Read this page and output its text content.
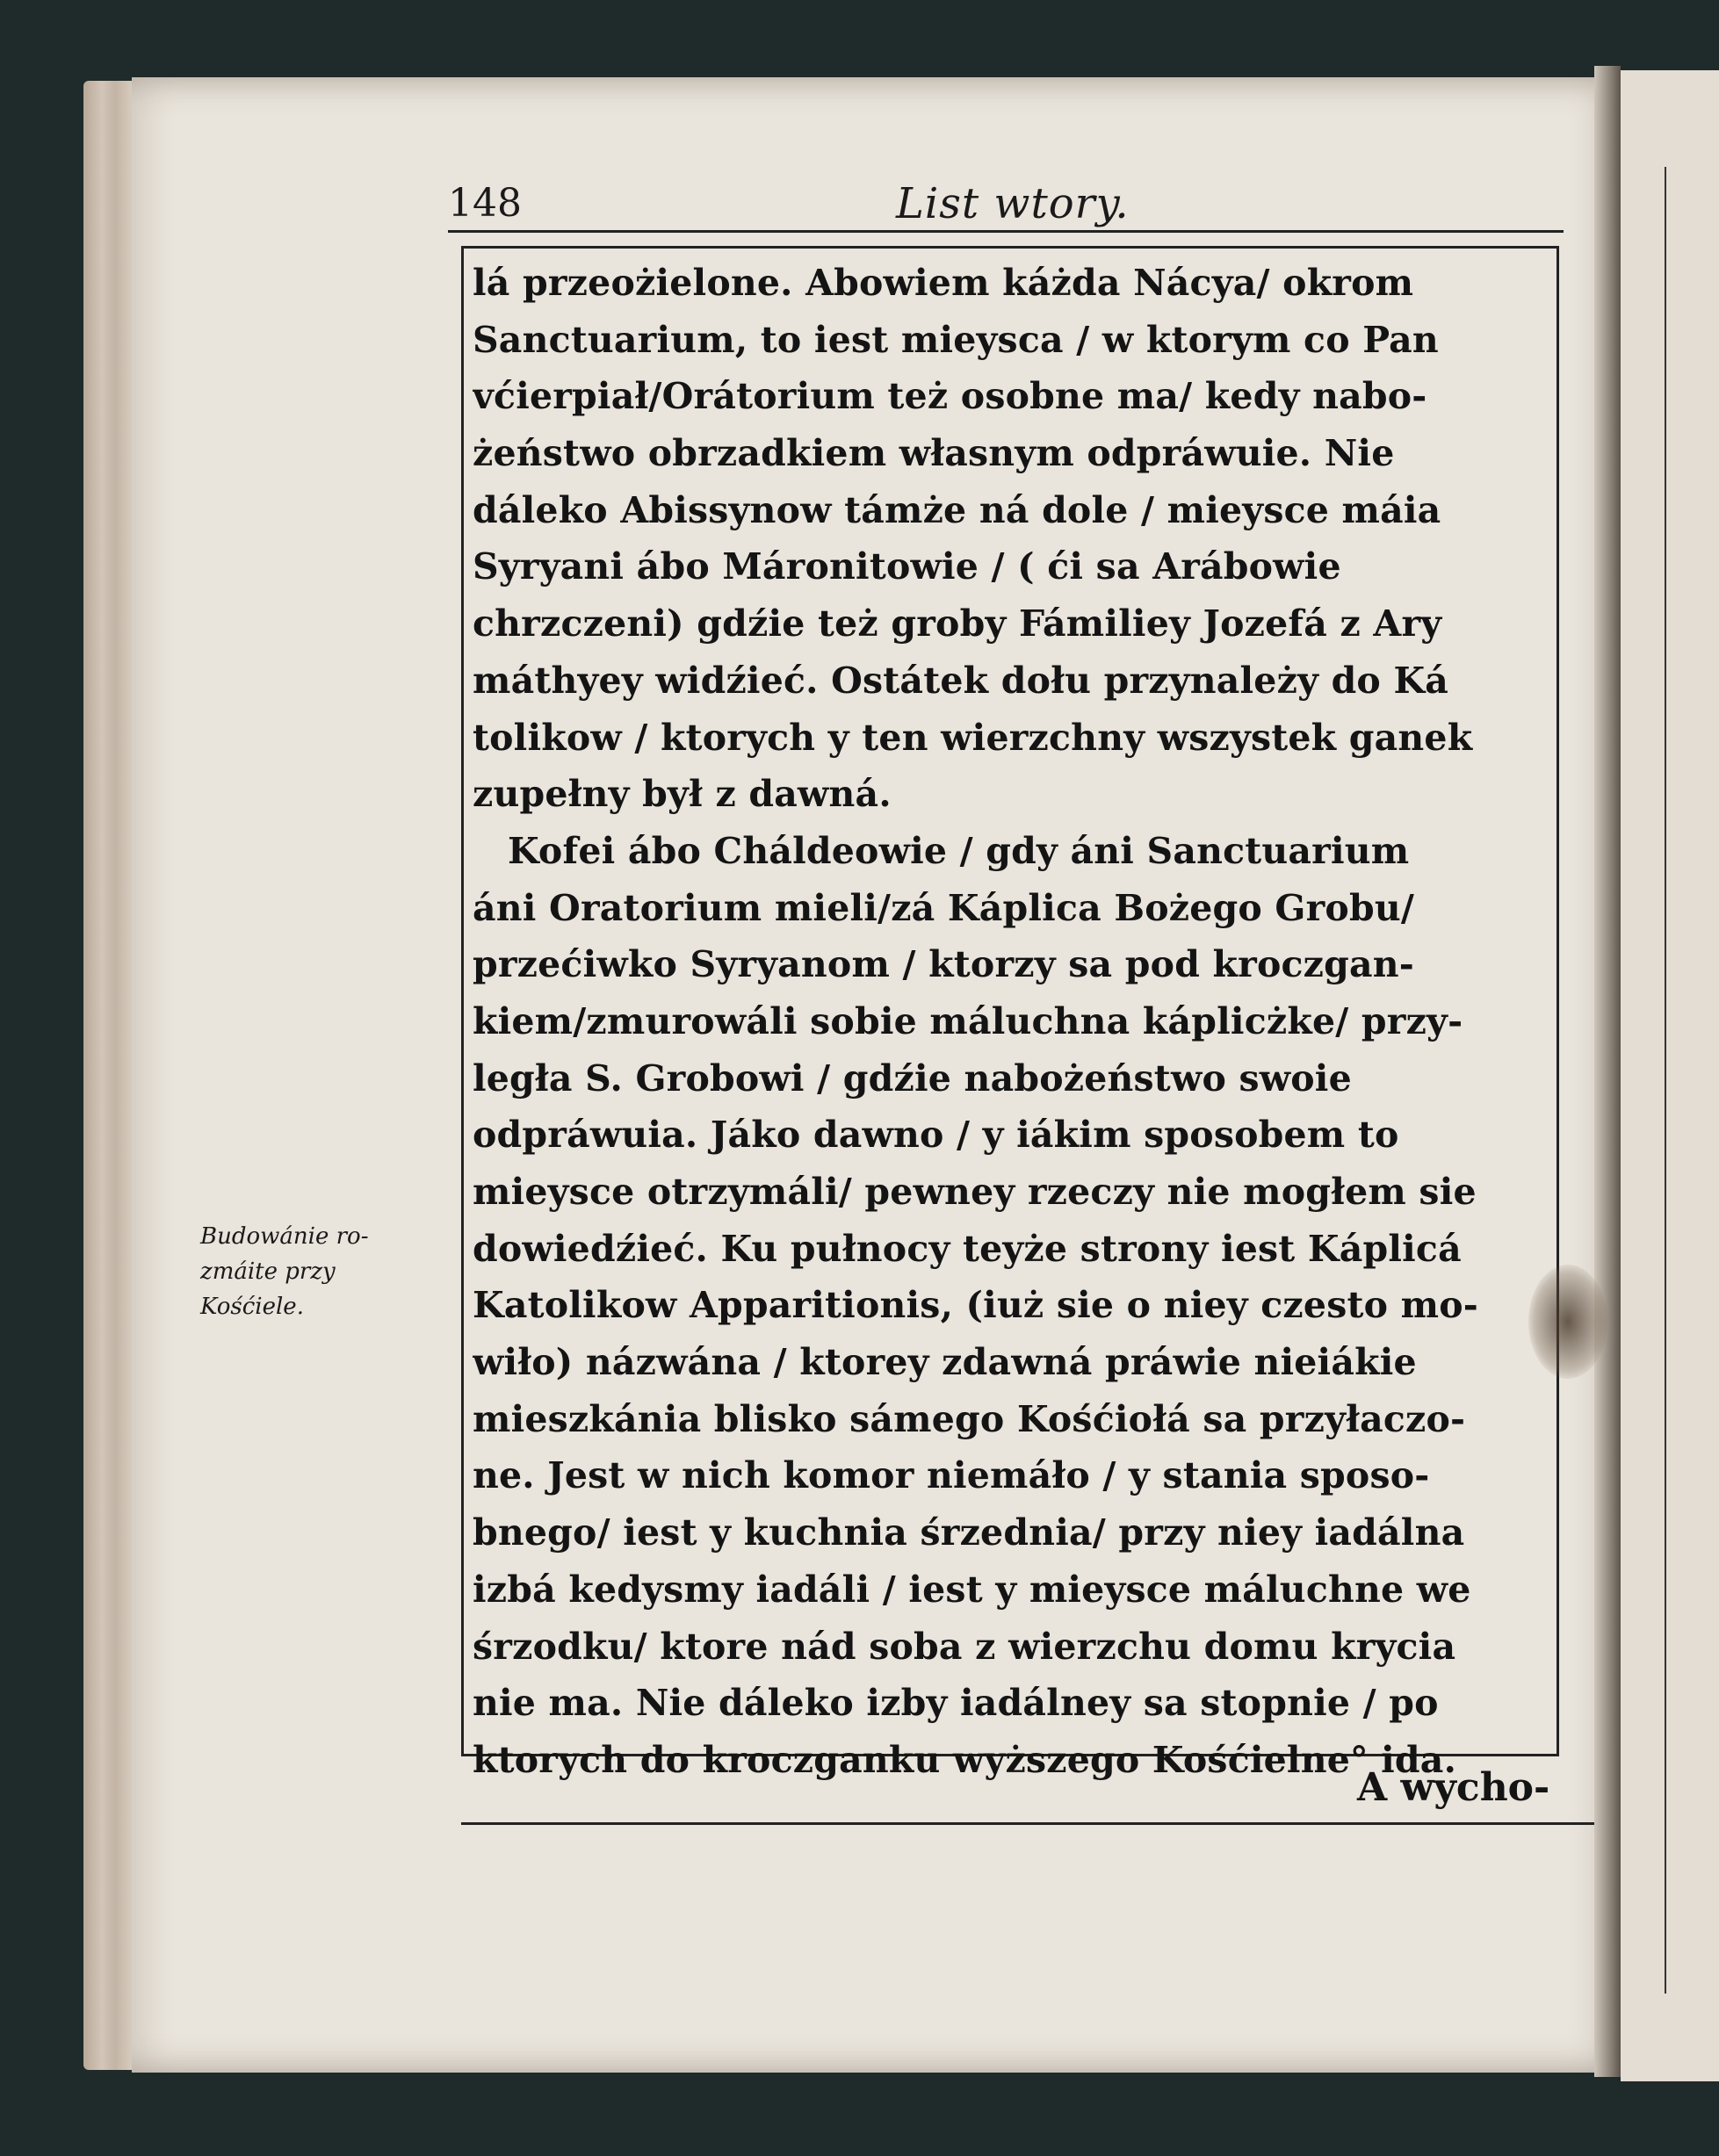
148	List wtory.
lá przeożielone. Abowiem káżda Nácya/ okrom
Sanctuarium, to iest mieysca / w ktorym co Pan
vćierpiał/Orátorium też osobne ma/ kedy nabo-
żeństwo obrzadkiem własnym odpráwuie. Nie
dáleko Abissynow támże ná dole / mieysce máia
Syryani ábo Máronitowie / ( ći sa Arábowie
chrzczeni) gdźie też groby Fámiliey Jozefá z Ary
máthyey widźieć. Ostátek dołu przynależy do Ká
tolikow / ktorych y ten wierzchny wszystek ganek
zupełny był z dawná.
Kofei ábo Cháldeowie / gdy áni Sanctuarium
áni Oratorium mieli/zá Káplica Bożego Grobu/
przećiwko Syryanom / ktorzy sa pod kroczgan-
kiem/zmurowáli sobie máluchna káplicżke/ przy-
legła S. Grobowi / gdźie nabożeństwo swoie
odpráwuia. Jáko dawno / y iákim sposobem to
mieysce otrzymáli/ pewney rzeczy nie mogłem sie
dowiedźieć. Ku pułnocy teyże strony iest Káplicá
Katolikow Apparitionis, (iuż sie o niey czesto mo-
wiło) názwána / ktorey zdawná práwie nieiákie
mieszkánia blisko sámego Kośćiołá sa przyłaczo-
ne. Jest w nich komor niemáło / y stania sposo-
bnego/ iest y kuchnia śrzednia/ przy niey iadálna
izbá kedysmy iadáli / iest y mieysce máluchne we
śrzodku/ ktore nád soba z wierzchu domu krycia
nie ma. Nie dáleko izby iadálney sa stopnie / po
ktorych do kroczganku wyższego Kośćielne° ida.
Budowánie ro-
zmáite przy
Kośćiele.
A wycho-
